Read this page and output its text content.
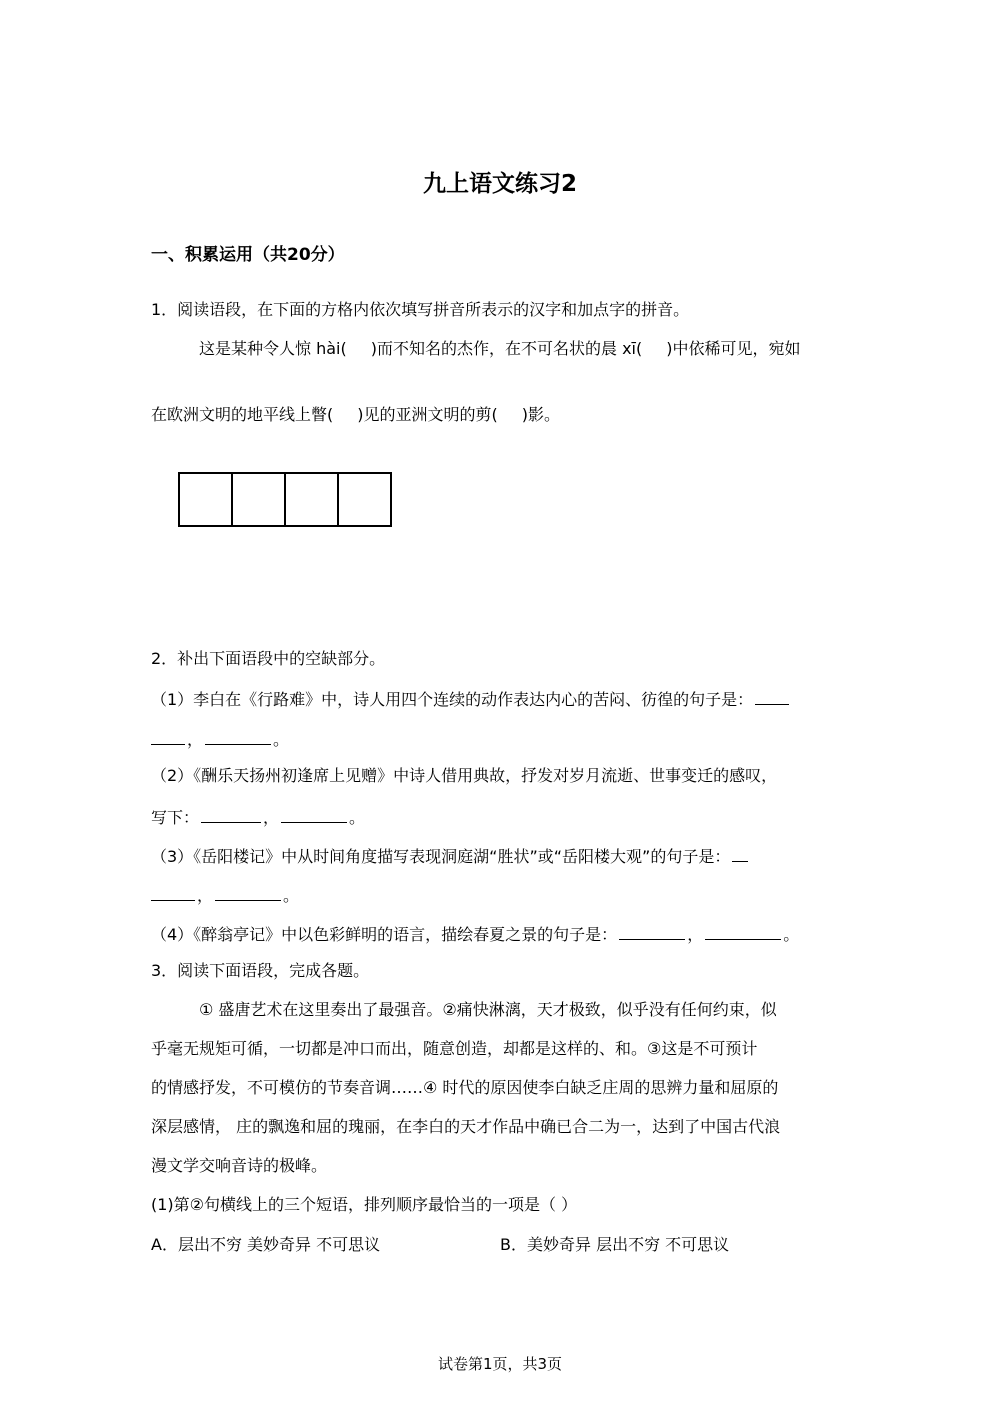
九上语文练习2
一、积累运用（共20分）
1．阅读语段，在下面的方格内依次填写拼音所表示的汉字和加点字的拼音。
这是某种令人惊 hài( )而不知名的杰作，在不可名状的晨 xī( )中依稀可见，宛如
在欧洲文明的地平线上瞥( )见的亚洲文明的剪( )影。
2．补出下面语段中的空缺部分。
（1）李白在《行路难》中，诗人用四个连续的动作表达内心的苦闷、彷徨的句子是：
，	。
（2）《酬乐天扬州初逢席上见赠》中诗人借用典故，抒发对岁月流逝、世事变迁的感叹，
写下：	，	。
（3）《岳阳楼记》中从时间角度描写表现洞庭湖“胜状”或“岳阳楼大观”的句子是：
，	。
（4）《醉翁亭记》中以色彩鲜明的语言，描绘春夏之景的句子是：	，	。
3．阅读下面语段，完成各题。
① 盛唐艺术在这里奏出了最强音。②痛快淋漓，天才极致，似乎没有任何约束，似
乎毫无规矩可循，一切都是冲口而出，随意创造，却都是这样的、和。③这是不可预计
的情感抒发，不可模仿的节奏音调……④ 时代的原因使李白缺乏庄周的思辨力量和屈原的
深层感情， 庄的飘逸和屈的瑰丽，在李白的天才作品中确已合二为一，达到了中国古代浪
漫文学交响音诗的极峰。
(1)第②句横线上的三个短语，排列顺序最恰当的一项是（ ）
A．层出不穷 美妙奇异 不可思议	B．美妙奇异 层出不穷 不可思议
试卷第1页，共3页
